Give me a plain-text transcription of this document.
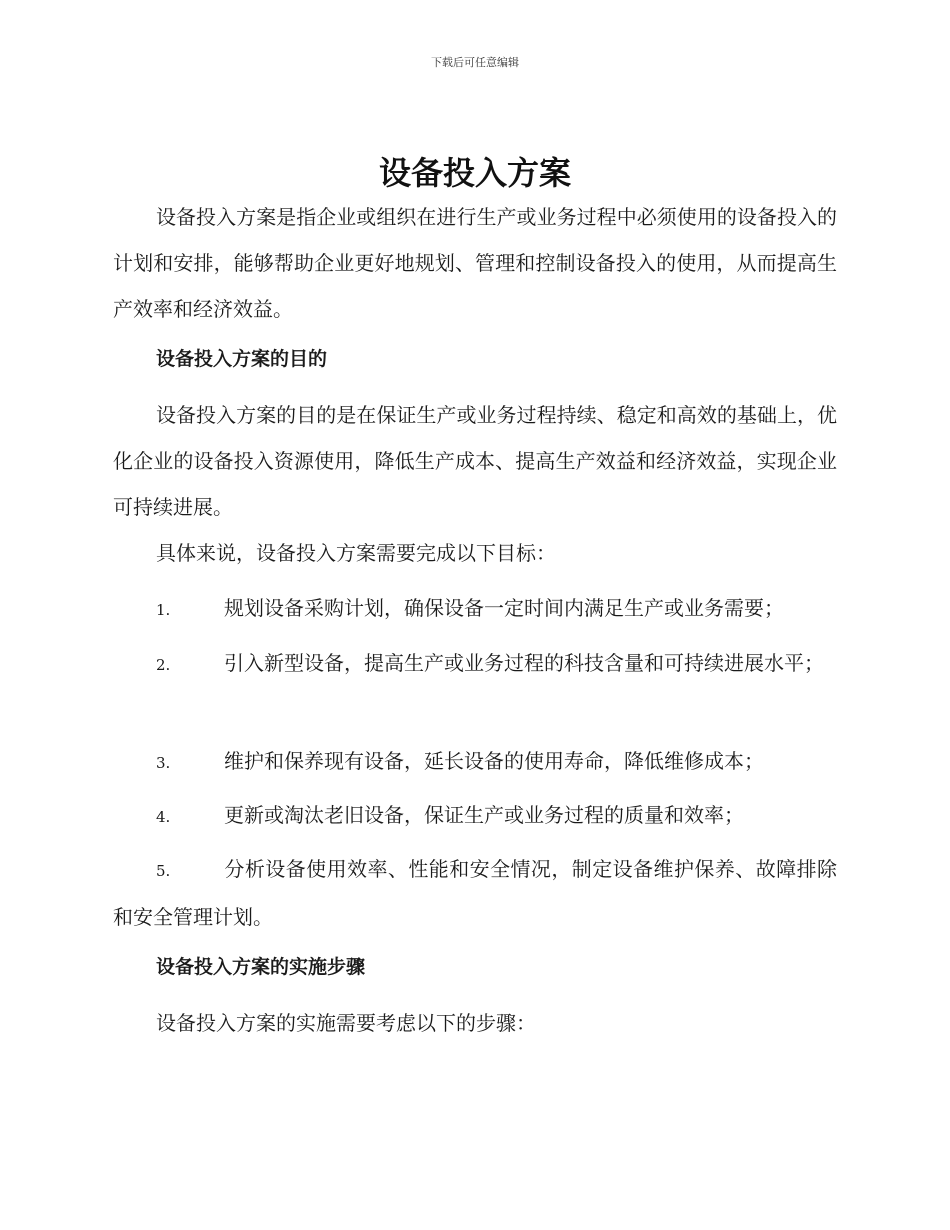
下载后可任意编辑
设备投入方案

设备投入方案是指企业或组织在进行生产或业务过程中必须使用的设备投入的计划和安排，能够帮助企业更好地规划、管理和控制设备投入的使用，从而提高生产效率和经济效益。

设备投入方案的目的

设备投入方案的目的是在保证生产或业务过程持续、稳定和高效的基础上，优化企业的设备投入资源使用，降低生产成本、提高生产效益和经济效益，实现企业可持续进展。

具体来说，设备投入方案需要完成以下目标：

1.	规划设备采购计划，确保设备一定时间内满足生产或业务需要；

2.	引入新型设备，提高生产或业务过程的科技含量和可持续进展水平；

3.	维护和保养现有设备，延长设备的使用寿命，降低维修成本；

4.	更新或淘汰老旧设备，保证生产或业务过程的质量和效率；

5.	分析设备使用效率、性能和安全情况，制定设备维护保养、故障排除和安全管理计划。

设备投入方案的实施步骤

设备投入方案的实施需要考虑以下的步骤：
